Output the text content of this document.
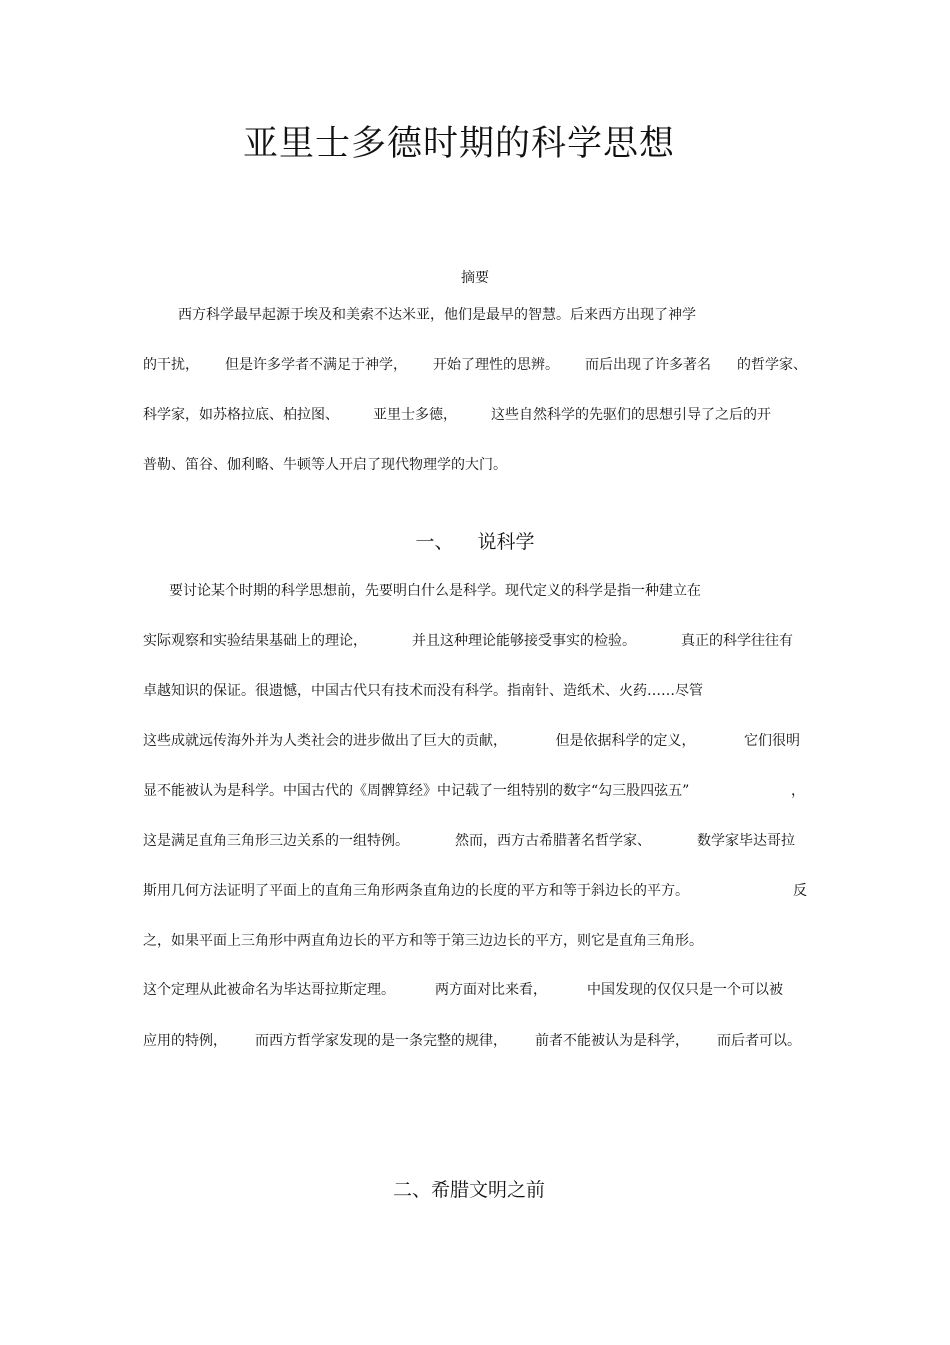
亚里士多德时期的科学思想
摘要
西方科学最早起源于埃及和美索不达米亚，他们是最早的智慧。后来西方出现了神学
的干扰， 但是许多学者不满足于神学， 开始了理性的思辨。 而后出现了许多著名 的哲学家、
科学家，如苏格拉底、柏拉图、 亚里士多德， 这些自然科学的先驱们的思想引导了之后的开
普勒、笛谷、伽利略、牛顿等人开启了现代物理学的大门。
一、 说科学
要讨论某个时期的科学思想前，先要明白什么是科学。现代定义的科学是指一种建立在
实际观察和实验结果基础上的理论，	并且这种理论能够接受事实的检验。	真正的科学往往有
卓越知识的保证。很遗憾，中国古代只有技术而没有科学。指南针、造纸术、火药……尽管
这些成就远传海外并为人类社会的进步做出了巨大的贡献，	但是依据科学的定义，	它们很明
显不能被认为是科学。中国古代的《周髀算经》中记载了一组特别的数字“勾三股四弦五”	，
这是满足直角三角形三边关系的一组特例。	然而，西方古希腊著名哲学家、	数学家毕达哥拉
斯用几何方法证明了平面上的直角三角形两条直角边的长度的平方和等于斜边长的平方。	反
之，如果平面上三角形中两直角边长的平方和等于第三边边长的平方，则它是直角三角形。
这个定理从此被命名为毕达哥拉斯定理。	两方面对比来看，	中国发现的仅仅只是一个可以被
应用的特例， 而西方哲学家发现的是一条完整的规律， 前者不能被认为是科学， 而后者可以。
二、希腊文明之前
